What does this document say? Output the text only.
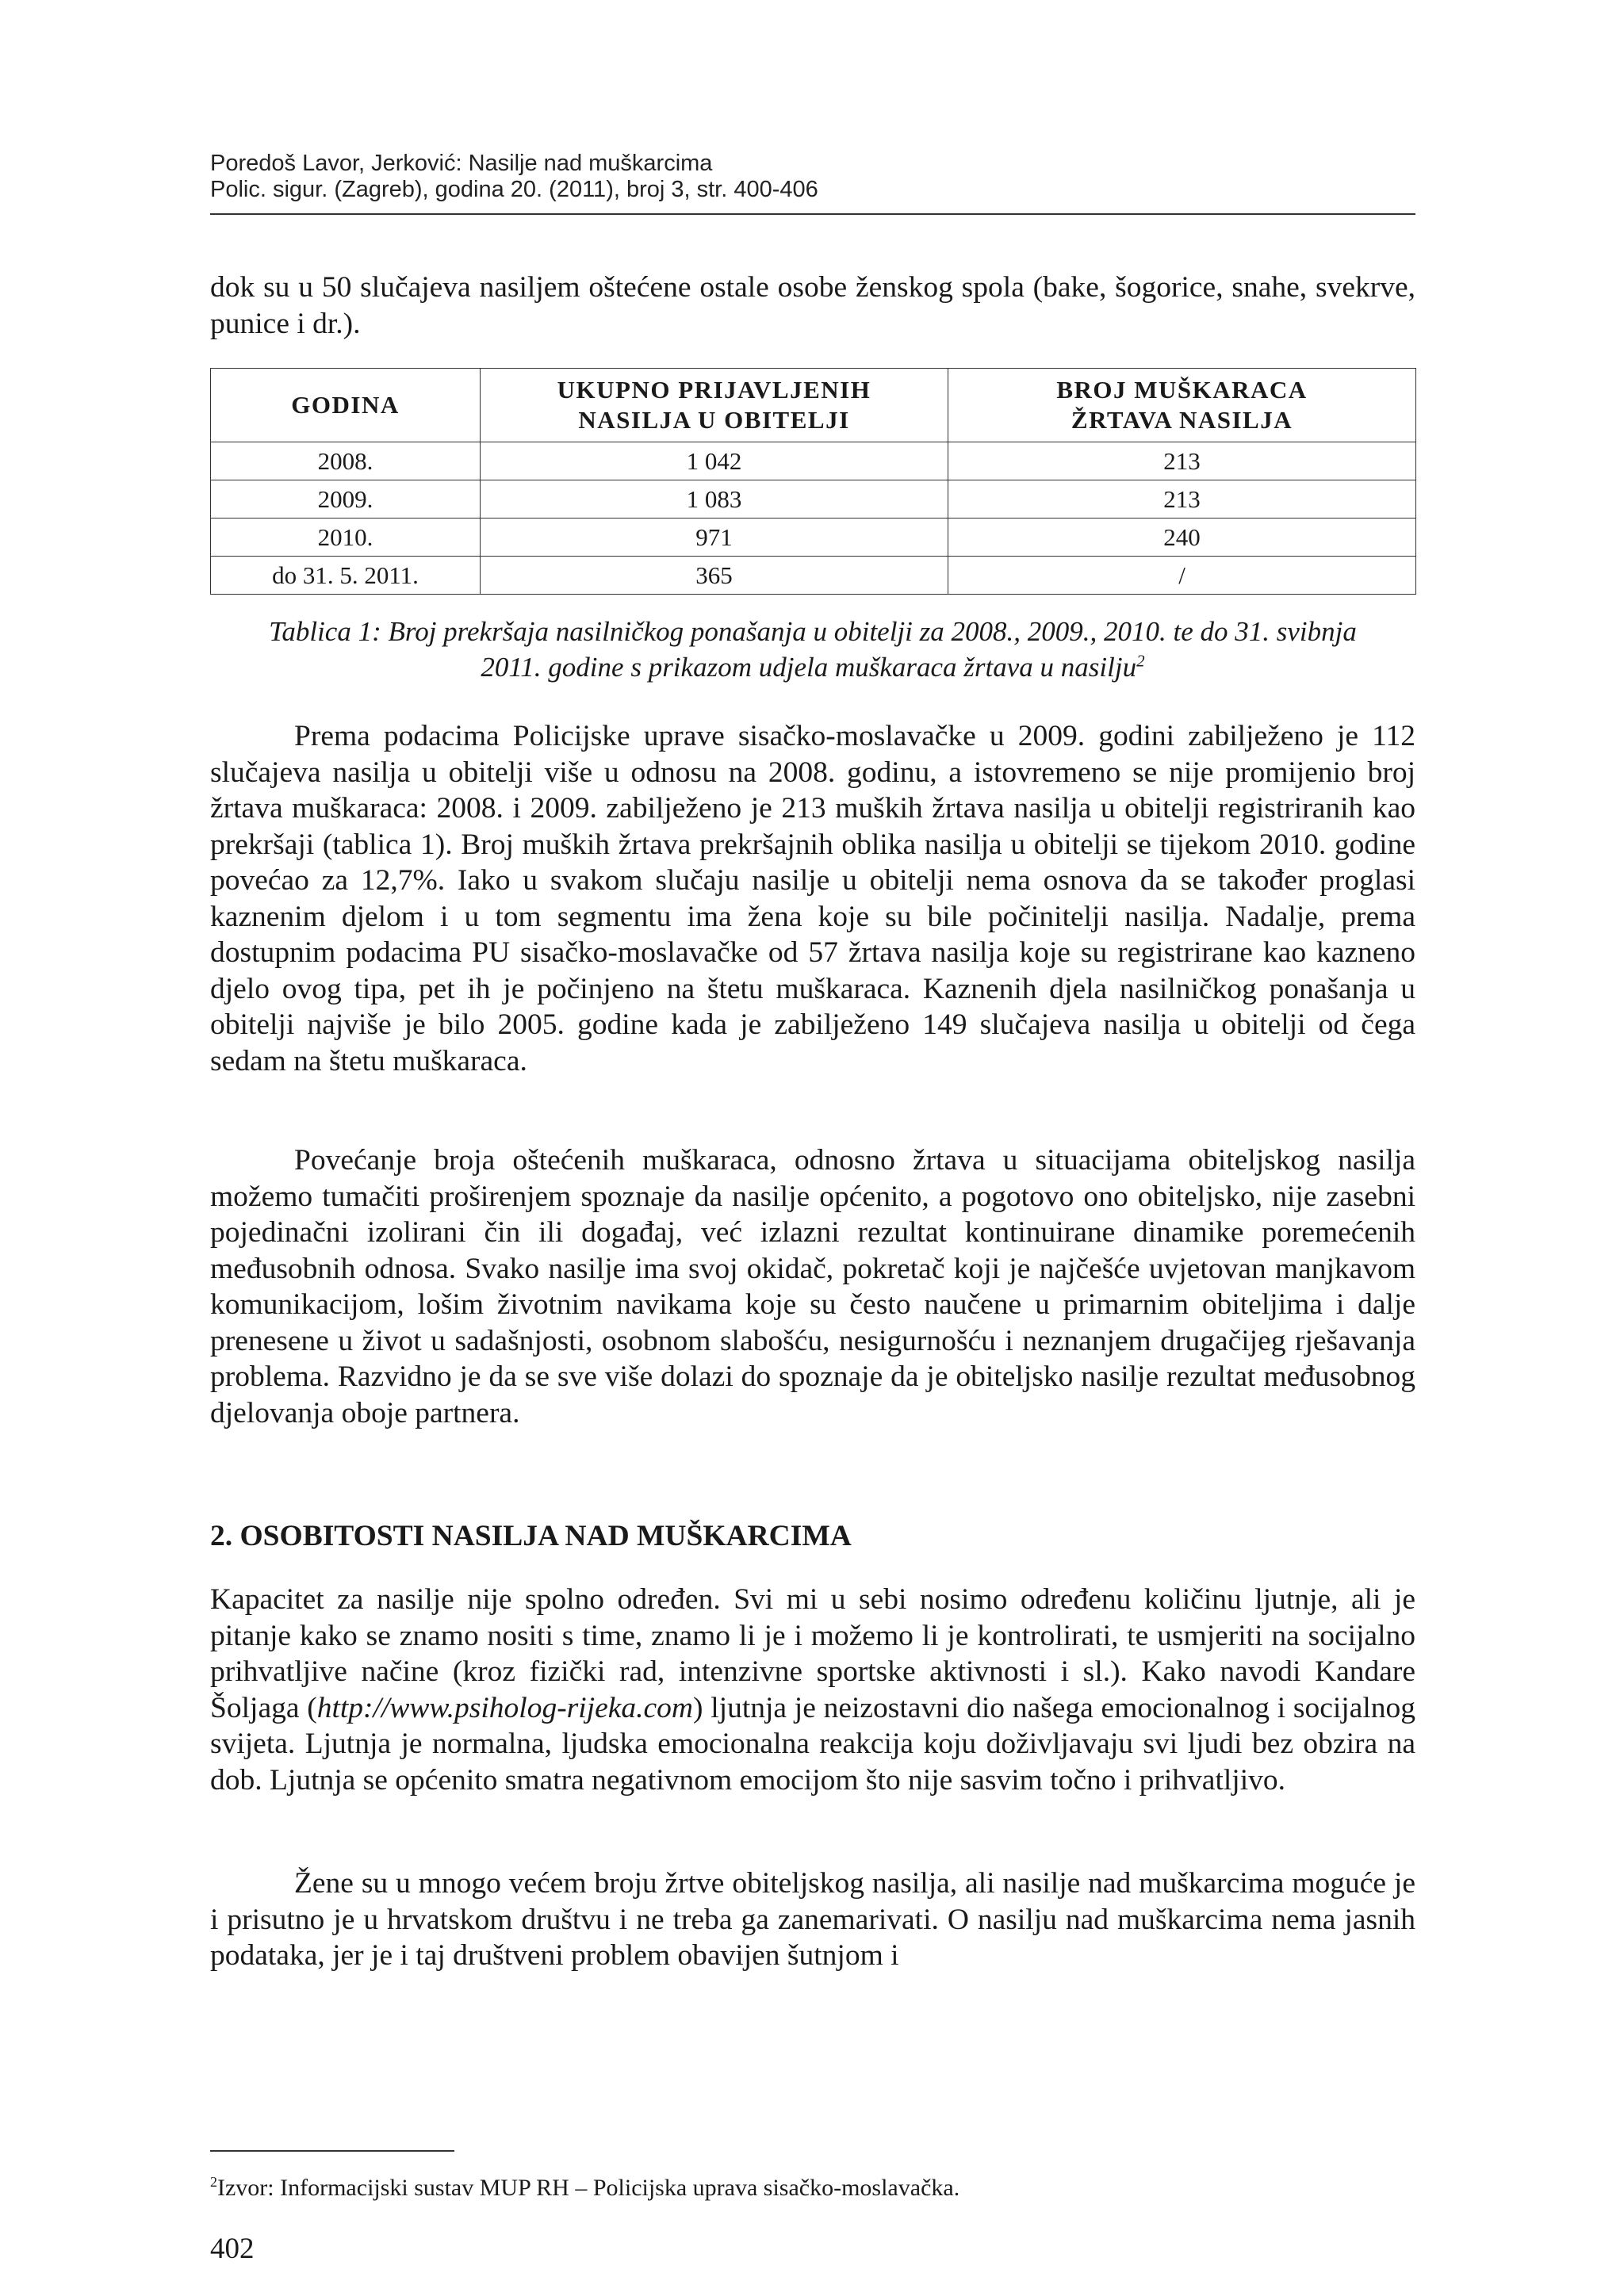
Poredoš Lavor, Jerković: Nasilje nad muškarcima
Polic. sigur. (Zagreb), godina 20. (2011), broj 3, str. 400-406
dok su u 50 slučajeva nasiljem oštećene ostale osobe ženskog spola (bake, šogorice, snahe, svekrve, punice i dr.).
GODINA	UKUPNO PRIJAVLJENIH NASILJA U OBITELJI	BROJ MUŠKARACA ŽRTAVA NASILJA

2008.	1 042	213
2009.	1 083	213
2010.	971	240
do 31. 5. 2011.	365	/
Tablica 1: Broj prekršaja nasilničkog ponašanja u obitelji za 2008., 2009., 2010. te do 31. svibnja 2011. godine s prikazom udjela muškaraca žrtava u nasilju$^2$
Prema podacima Policijske uprave sisačko-moslavačke u 2009. godini zabilježeno je 112 slučajeva nasilja u obitelji više u odnosu na 2008. godinu, a istovremeno se nije promijenio broj žrtava muškaraca: 2008. i 2009. zabilježeno je 213 muških žrtava nasilja u obitelji registriranih kao prekršaji (tablica 1). Broj muških žrtava prekršajnih oblika nasilja u obitelji se tijekom 2010. godine povećao za 12,7%. Iako u svakom slučaju nasilje u obitelji nema osnova da se također proglasi kaznenim djelom i u tom segmentu ima žena koje su bile počinitelji nasilja. Nadalje, prema dostupnim podacima PU sisačko-moslavačke od 57 žrtava nasilja koje su registrirane kao kazneno djelo ovog tipa, pet ih je počinjeno na štetu muškaraca. Kaznenih djela nasilničkog ponašanja u obitelji najviše je bilo 2005. godine kada je zabilježeno 149 slučajeva nasilja u obitelji od čega sedam na štetu muškaraca.
Povećanje broja oštećenih muškaraca, odnosno žrtava u situacijama obiteljskog nasilja možemo tumačiti proširenjem spoznaje da nasilje općenito, a pogotovo ono obiteljsko, nije zasebni pojedinačni izolirani čin ili događaj, već izlazni rezultat kontinuirane dinamike poremećenih međusobnih odnosa. Svako nasilje ima svoj okidač, pokretač koji je najčešće uvjetovan manjkavom komunikacijom, lošim životnim navikama koje su često naučene u primarnim obiteljima i dalje prenesene u život u sadašnjosti, osobnom slabošću, nesigurnošću i neznanjem drugačijeg rješavanja problema. Razvidno je da se sve više dolazi do spoznaje da je obiteljsko nasilje rezultat međusobnog djelovanja oboje partnera.
2. OSOBITOSTI NASILJA NAD MUŠKARCIMA
Kapacitet za nasilje nije spolno određen. Svi mi u sebi nosimo određenu količinu ljutnje, ali je pitanje kako se znamo nositi s time, znamo li je i možemo li je kontrolirati, te usmjeriti na socijalno prihvatljive načine (kroz fizički rad, intenzivne sportske aktivnosti i sl.). Kako navodi Kandare Šoljaga (http://www.psiholog-rijeka.com) ljutnja je neizostavni dio našega emocionalnog i socijalnog svijeta. Ljutnja je normalna, ljudska emocionalna reakcija koju doživljavaju svi ljudi bez obzira na dob. Ljutnja se općenito smatra negativnom emocijom što nije sasvim točno i prihvatljivo.
Žene su u mnogo većem broju žrtve obiteljskog nasilja, ali nasilje nad muškarcima moguće je i prisutno je u hrvatskom društvu i ne treba ga zanemarivati. O nasilju nad muškarcima nema jasnih podataka, jer je i taj društveni problem obavijen šutnjom i
$^2$Izvor: Informacijski sustav MUP RH – Policijska uprava sisačko-moslavačka.
402
